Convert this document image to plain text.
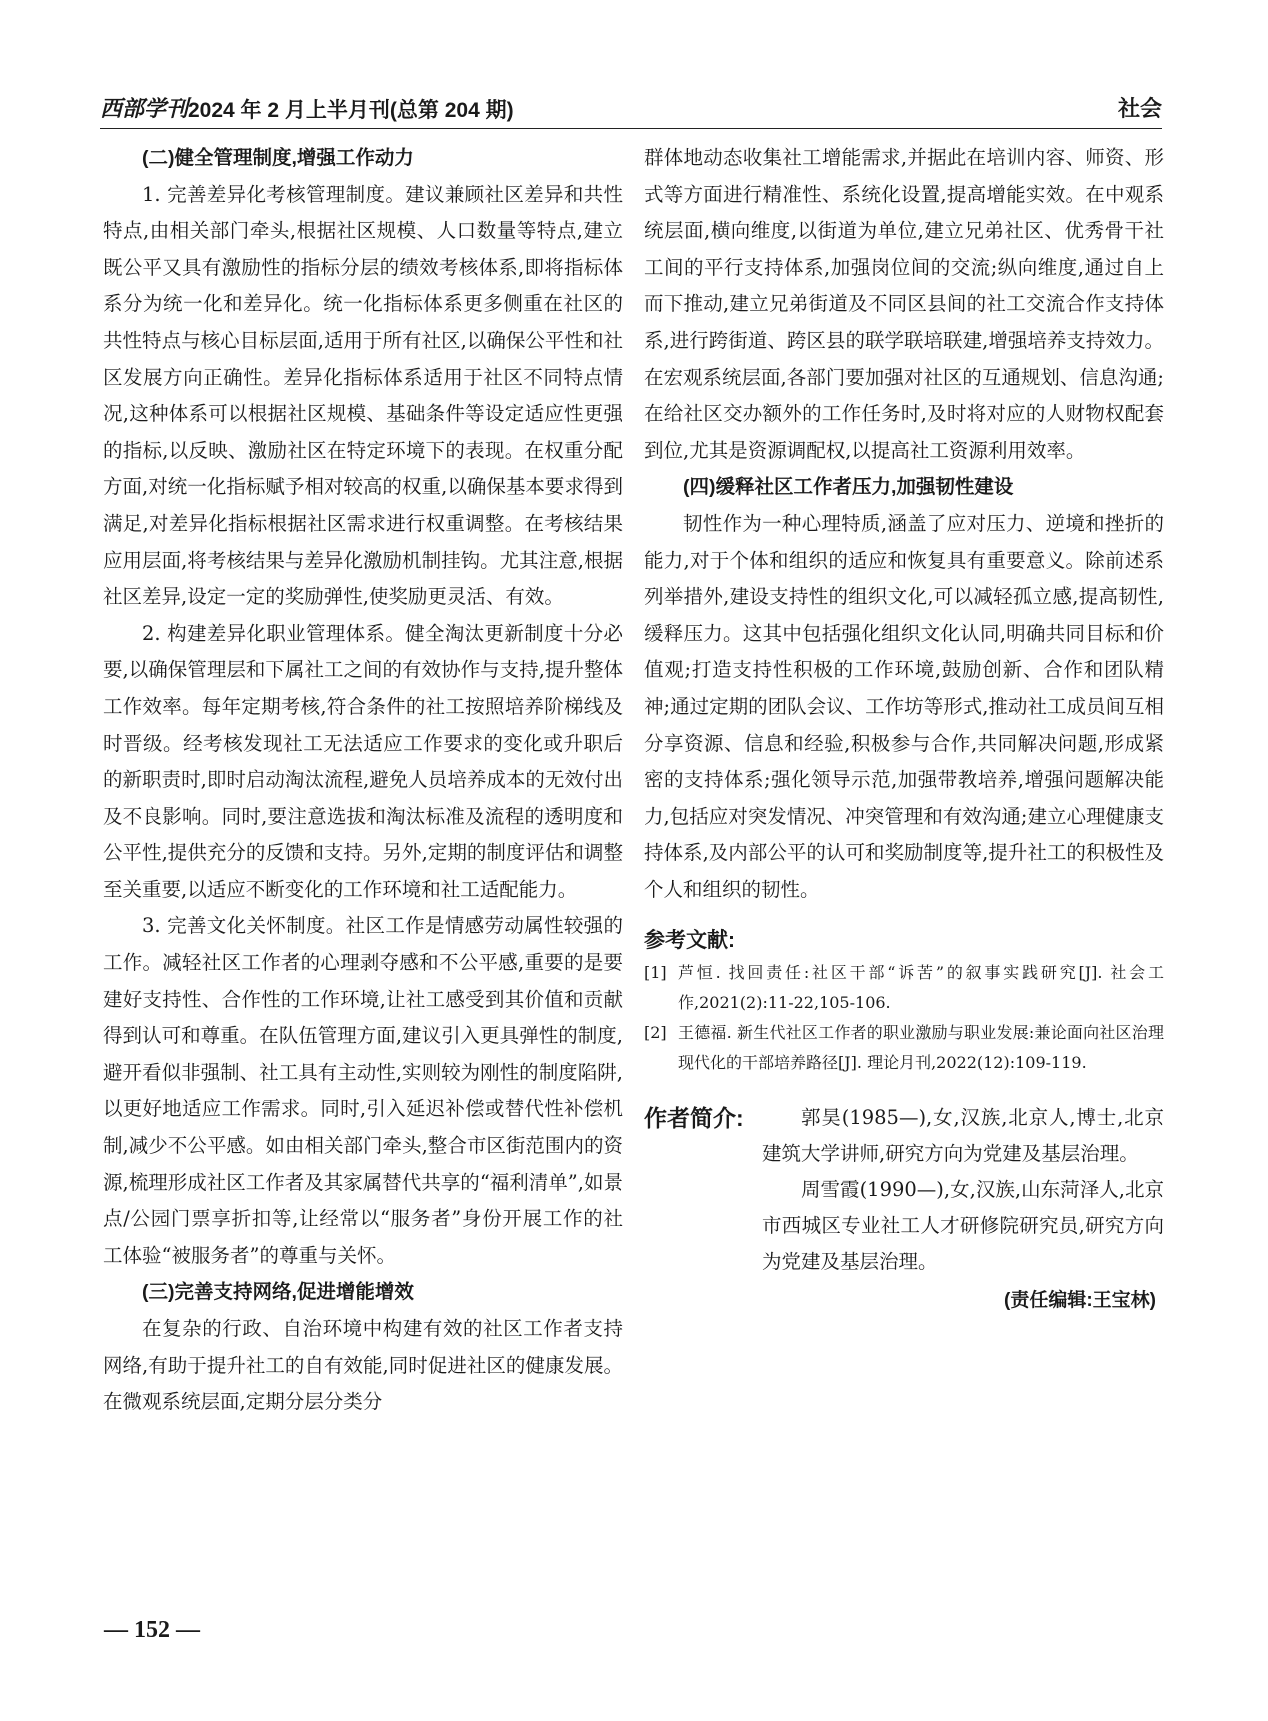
西部学刊 2024 年 2 月上半月刊(总第 204 期)	社会
(二)健全管理制度,增强工作动力

1. 完善差异化考核管理制度。建议兼顾社区差异和共性特点,由相关部门牵头,根据社区规模、人口数量等特点,建立既公平又具有激励性的指标分层的绩效考核体系,即将指标体系分为统一化和差异化。统一化指标体系更多侧重在社区的共性特点与核心目标层面,适用于所有社区,以确保公平性和社区发展方向正确性。差异化指标体系适用于社区不同特点情况,这种体系可以根据社区规模、基础条件等设定适应性更强的指标,以反映、激励社区在特定环境下的表现。在权重分配方面,对统一化指标赋予相对较高的权重,以确保基本要求得到满足,对差异化指标根据社区需求进行权重调整。在考核结果应用层面,将考核结果与差异化激励机制挂钩。尤其注意,根据社区差异,设定一定的奖励弹性,使奖励更灵活、有效。

2. 构建差异化职业管理体系。健全淘汰更新制度十分必要,以确保管理层和下属社工之间的有效协作与支持,提升整体工作效率。每年定期考核,符合条件的社工按照培养阶梯线及时晋级。经考核发现社工无法适应工作要求的变化或升职后的新职责时,即时启动淘汰流程,避免人员培养成本的无效付出及不良影响。同时,要注意选拔和淘汰标准及流程的透明度和公平性,提供充分的反馈和支持。另外,定期的制度评估和调整至关重要,以适应不断变化的工作环境和社工适配能力。

3. 完善文化关怀制度。社区工作是情感劳动属性较强的工作。减轻社区工作者的心理剥夺感和不公平感,重要的是要建好支持性、合作性的工作环境,让社工感受到其价值和贡献得到认可和尊重。在队伍管理方面,建议引入更具弹性的制度,避开看似非强制、社工具有主动性,实则较为刚性的制度陷阱,以更好地适应工作需求。同时,引入延迟补偿或替代性补偿机制,减少不公平感。如由相关部门牵头,整合市区街范围内的资源,梳理形成社区工作者及其家属替代共享的“福利清单”,如景点/公园门票享折扣等,让经常以“服务者”身份开展工作的社工体验“被服务者”的尊重与关怀。

(三)完善支持网络,促进增能增效

在复杂的行政、自治环境中构建有效的社区工作者支持网络,有助于提升社工的自有效能,同时促进社区的健康发展。在微观系统层面,定期分层分类分

群体地动态收集社工增能需求,并据此在培训内容、师资、形式等方面进行精准性、系统化设置,提高增能实效。在中观系统层面,横向维度,以街道为单位,建立兄弟社区、优秀骨干社工间的平行支持体系,加强岗位间的交流;纵向维度,通过自上而下推动,建立兄弟街道及不同区县间的社工交流合作支持体系,进行跨街道、跨区县的联学联培联建,增强培养支持效力。在宏观系统层面,各部门要加强对社区的互通规划、信息沟通;在给社区交办额外的工作任务时,及时将对应的人财物权配套到位,尤其是资源调配权,以提高社工资源利用效率。

(四)缓释社区工作者压力,加强韧性建设

韧性作为一种心理特质,涵盖了应对压力、逆境和挫折的能力,对于个体和组织的适应和恢复具有重要意义。除前述系列举措外,建设支持性的组织文化,可以减轻孤立感,提高韧性,缓释压力。这其中包括强化组织文化认同,明确共同目标和价值观;打造支持性积极的工作环境,鼓励创新、合作和团队精神;通过定期的团队会议、工作坊等形式,推动社工成员间互相分享资源、信息和经验,积极参与合作,共同解决问题,形成紧密的支持体系;强化领导示范,加强带教培养,增强问题解决能力,包括应对突发情况、冲突管理和有效沟通;建立心理健康支持体系,及内部公平的认可和奖励制度等,提升社工的积极性及个人和组织的韧性。

参考文献:
[1] 芦恒. 找回责任:社区干部“诉苦”的叙事实践研究[J]. 社会工作,2021(2):11-22,105-106.
[2] 王德福. 新生代社区工作者的职业激励与职业发展:兼论面向社区治理现代化的干部培养路径[J]. 理论月刊,2022(12):109-119.
作者简介:	郭昊(1985—),女,汉族,北京人,博士,北京建筑大学讲师,研究方向为党建及基层治理。

周雪霞(1990—),女,汉族,山东菏泽人,北京市西城区专业社工人才研修院研究员,研究方向为党建及基层治理。

(责任编辑:王宝林)
— 152 —
